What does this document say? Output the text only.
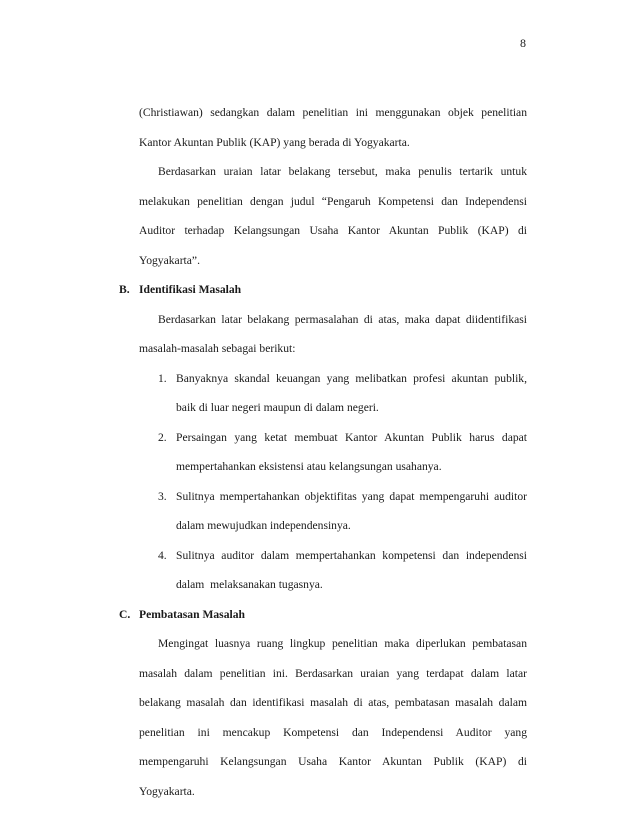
8
(Christiawan) sedangkan dalam penelitian ini menggunakan objek penelitian
Kantor Akuntan Publik (KAP) yang berada di Yogyakarta.
Berdasarkan uraian latar belakang tersebut, maka penulis tertarik untuk
melakukan penelitian dengan judul “Pengaruh Kompetensi dan Independensi
Auditor terhadap Kelangsungan Usaha Kantor Akuntan Publik (KAP) di
Yogyakarta”.
B. Identifikasi Masalah
Berdasarkan latar belakang permasalahan di atas, maka dapat diidentifikasi
masalah-masalah sebagai berikut:
1. Banyaknya skandal keuangan yang melibatkan profesi akuntan publik,
baik di luar negeri maupun di dalam negeri.
2. Persaingan yang ketat membuat Kantor Akuntan Publik harus dapat
mempertahankan eksistensi atau kelangsungan usahanya.
3. Sulitnya mempertahankan objektifitas yang dapat mempengaruhi auditor
dalam mewujudkan independensinya.
4. Sulitnya auditor dalam mempertahankan kompetensi dan independensi
dalam  melaksanakan tugasnya.
C. Pembatasan Masalah
Mengingat luasnya ruang lingkup penelitian maka diperlukan pembatasan
masalah dalam penelitian ini. Berdasarkan uraian yang terdapat dalam latar
belakang masalah dan identifikasi masalah di atas, pembatasan masalah dalam
penelitian ini mencakup Kompetensi dan Independensi Auditor yang
mempengaruhi Kelangsungan Usaha Kantor Akuntan Publik (KAP) di
Yogyakarta.
